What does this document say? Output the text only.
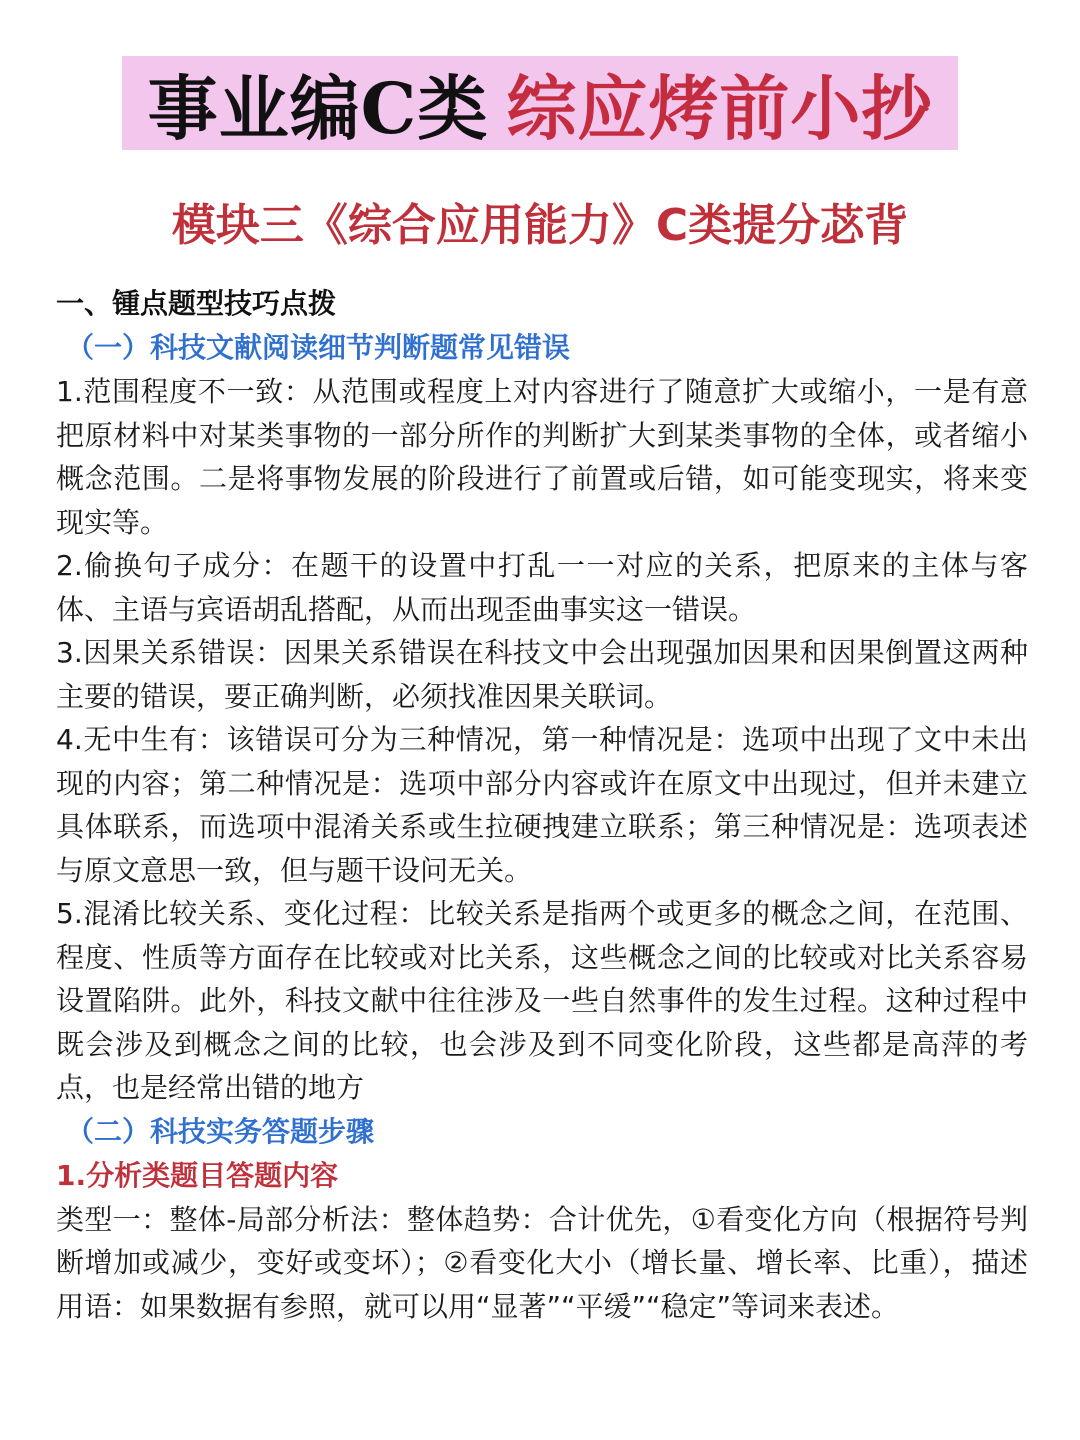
事业编C类 综应烤前小抄
模块三《综合应用能力》C类提分苾背
一、锺点题型技巧点拨
（一）科技文献阅读细节判断题常见错误

1.范围程度不一致：从范围或程度上对内容进行了随意扩大或缩小，一是有意把原材料中对某类事物的一部分所作的判断扩大到某类事物的全体，或者缩小概念范围。二是将事物发展的阶段进行了前置或后错，如可能变现实，将来变现实等。

2.偷换句子成分：在题干的设置中打乱一一对应的关系，把原来的主体与客体、主语与宾语胡乱搭配，从而出现歪曲事实这一错误。

3.因果关系错误：因果关系错误在科技文中会出现强加因果和因果倒置这两种主要的错误，要正确判断，必须找准因果关联词。

4.无中生有：该错误可分为三种情况，第一种情况是：选项中出现了文中未出现的内容；第二种情况是：选项中部分内容或许在原文中出现过，但并未建立具体联系，而选项中混淆关系或生拉硬拽建立联系；第三种情况是：选项表述与原文意思一致，但与题干设问无关。

5.混淆比较关系、变化过程：比较关系是指两个或更多的概念之间，在范围、程度、性质等方面存在比较或对比关系，这些概念之间的比较或对比关系容易设置陷阱。此外，科技文献中往往涉及一些自然事件的发生过程。这种过程中既会涉及到概念之间的比较，也会涉及到不同变化阶段，这些都是高萍的考点，也是经常出错的地方

（二）科技实务答题步骤
1.分析类题目答题内容

类型一：整体-局部分析法：整体趋势：合计优先，①看变化方向（根据符号判断增加或减少，变好或变坏）；②看变化大小（增长量、增长率、比重），描述用语：如果数据有参照，就可以用“显著”“平缓”“稳定”等词来表述。
